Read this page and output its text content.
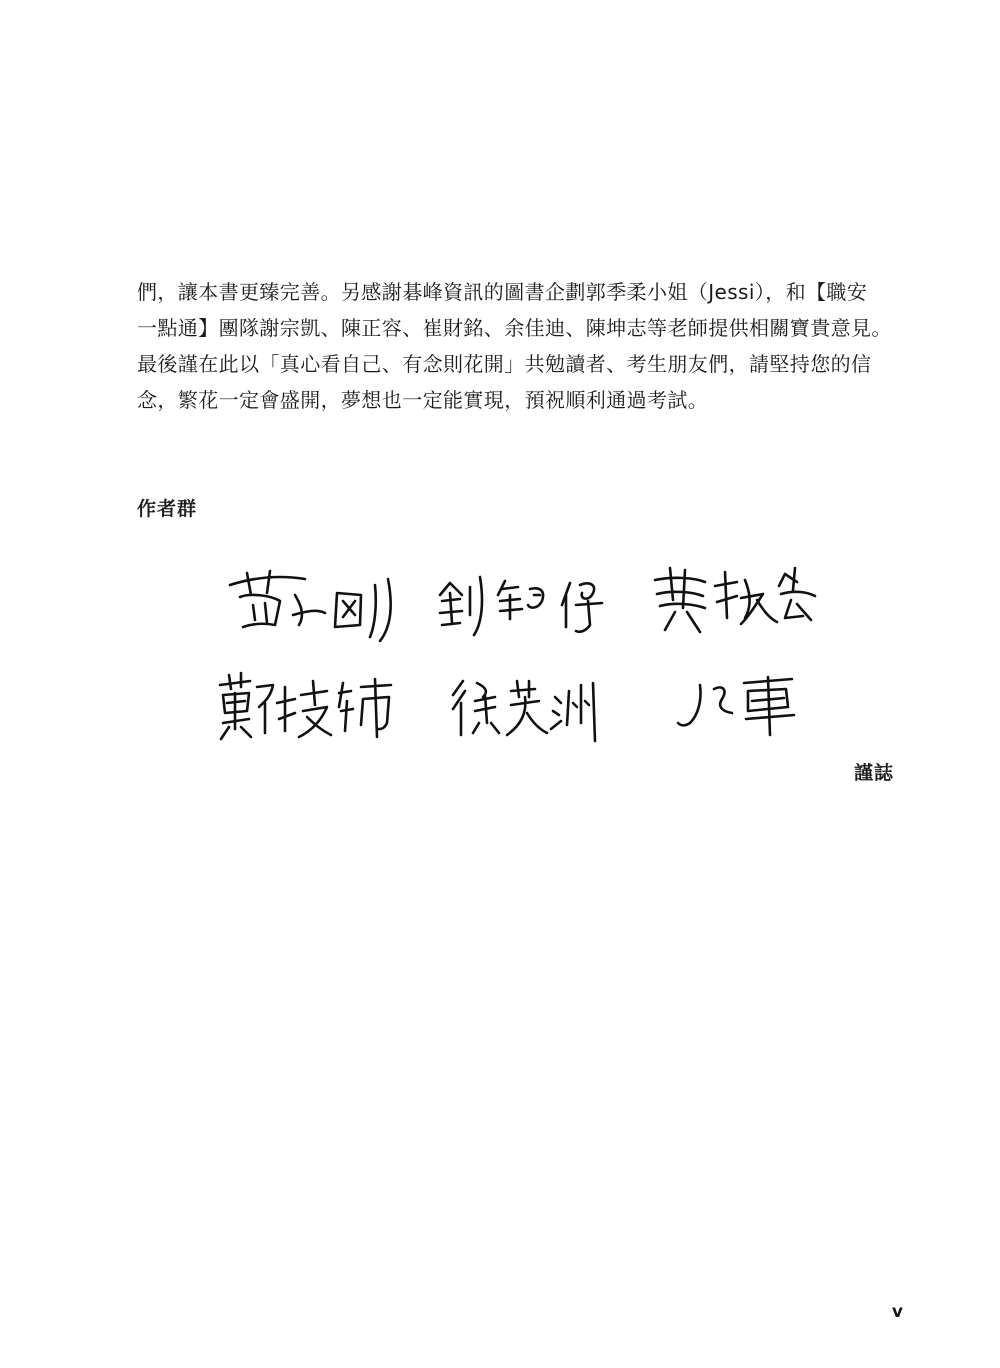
們，讓本書更臻完善。另感謝碁峰資訊的圖書企劃郭季柔小姐（Jessi），和【職安
一點通】團隊謝宗凱、陳正容、崔財銘、余佳迪、陳坤志等老師提供相關寶貴意見。
最後謹在此以「真心看自己、有念則花開」共勉讀者、考生朋友們，請堅持您的信
念，繁花一定會盛開，夢想也一定能實現，預祝順利通過考試。
作者群
謹誌
v
